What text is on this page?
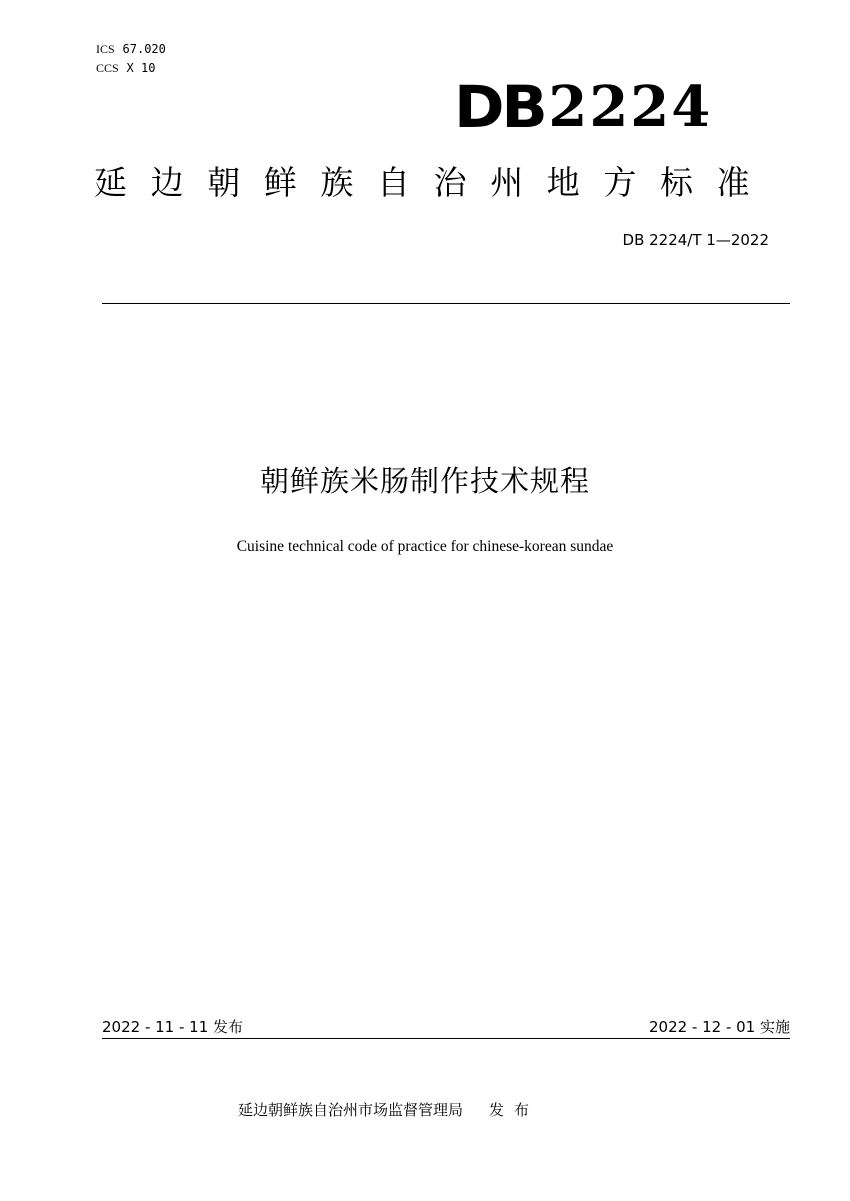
ICS 67.020
CCS X 10
DB 2224
延边朝鲜族自治州地方标准
DB 2224/T 1—2022
朝鲜族米肠制作技术规程
Cuisine technical code of practice for chinese-korean sundae
2022 - 11 - 11 发布	2022 - 12 - 01 实施
延边朝鲜族自治州市场监督管理局 发布
